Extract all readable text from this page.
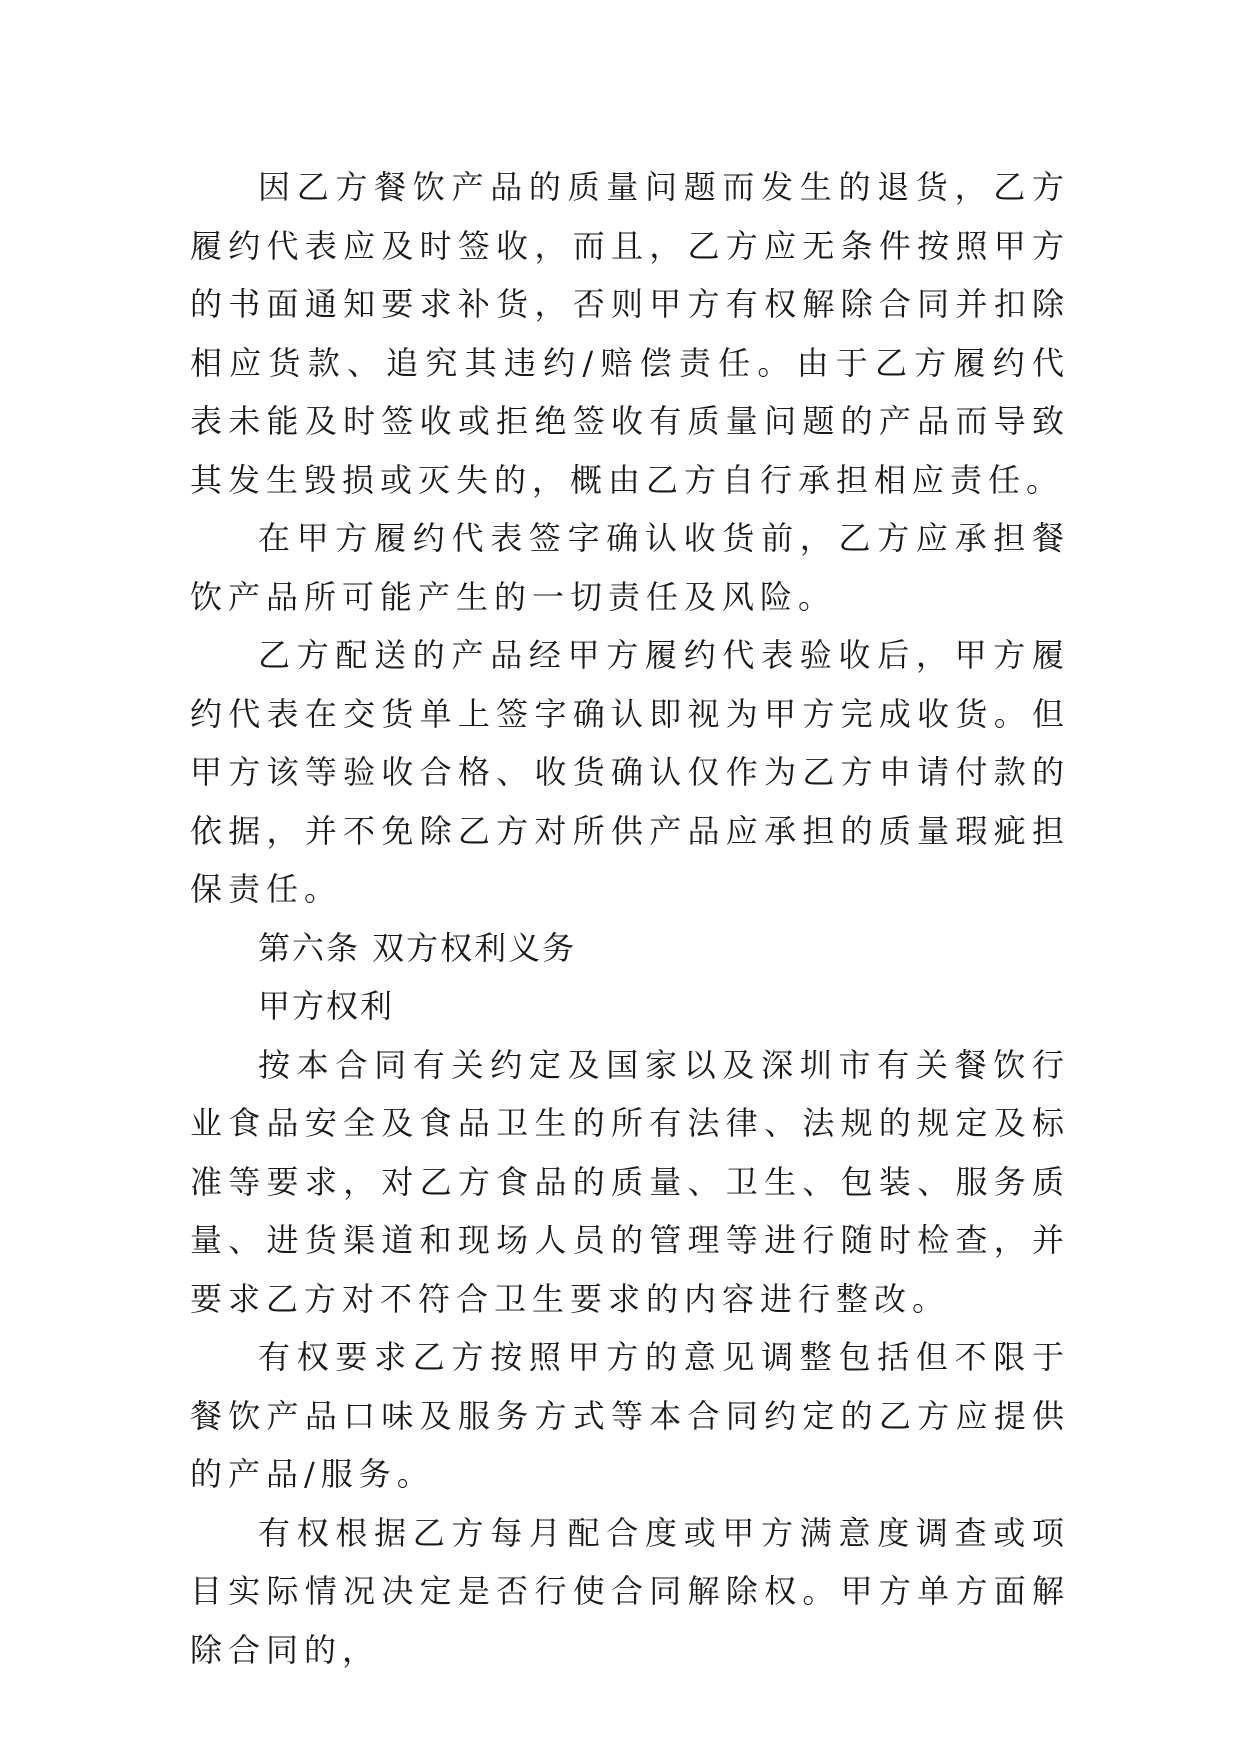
因乙方餐饮产品的质量问题而发生的退货，乙方履约代表应及时签收，而且，乙方应无条件按照甲方的书面通知要求补货，否则甲方有权解除合同并扣除相应货款、追究其违约/赔偿责任。由于乙方履约代表未能及时签收或拒绝签收有质量问题的产品而导致其发生毁损或灭失的，概由乙方自行承担相应责任。

在甲方履约代表签字确认收货前，乙方应承担餐饮产品所可能产生的一切责任及风险。

乙方配送的产品经甲方履约代表验收后，甲方履约代表在交货单上签字确认即视为甲方完成收货。但甲方该等验收合格、收货确认仅作为乙方申请付款的依据，并不免除乙方对所供产品应承担的质量瑕疵担保责任。

第六条 双方权利义务

甲方权利

按本合同有关约定及国家以及深圳市有关餐饮行业食品安全及食品卫生的所有法律、法规的规定及标准等要求，对乙方食品的质量、卫生、包装、服务质量、进货渠道和现场人员的管理等进行随时检查，并要求乙方对不符合卫生要求的内容进行整改。

有权要求乙方按照甲方的意见调整包括但不限于餐饮产品口味及服务方式等本合同约定的乙方应提供的产品/服务。

有权根据乙方每月配合度或甲方满意度调查或项目实际情况决定是否行使合同解除权。甲方单方面解除合同的，
